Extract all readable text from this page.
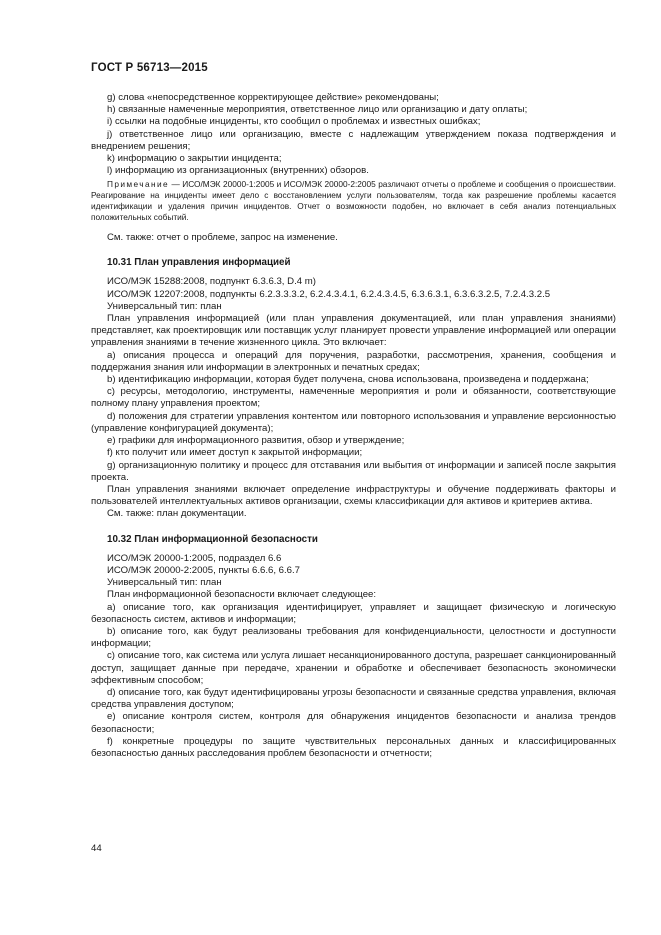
ГОСТ Р 56713—2015

g) слова «непосредственное корректирующее действие» рекомендованы;

h) связанные намеченные мероприятия, ответственное лицо или организацию и дату оплаты;

i) ссылки на подобные инциденты, кто сообщил о проблемах и известных ошибках;

j) ответственное лицо или организацию, вместе с надлежащим утверждением показа подтверждения и внедрением решения;

k) информацию о закрытии инцидента;

l) информацию из организационных (внутренних) обзоров.

Примечание — ИСО/МЭК 20000-1:2005 и ИСО/МЭК 20000-2:2005 различают отчеты о проблеме и сообщения о происшествии. Реагирование на инциденты имеет дело с восстановлением услуги пользователям, тогда как разрешение проблемы касается идентификации и удаления причин инцидентов. Отчет о возможности подобен, но включает в себя анализ потенциальных положительных событий.

См. также: отчет о проблеме, запрос на изменение.

10.31 План управления информацией

ИСО/МЭК 15288:2008, подпункт 6.3.6.3, D.4 m)

ИСО/МЭК 12207:2008, подпункты 6.2.3.3.3.2, 6.2.4.3.4.1, 6.2.4.3.4.5, 6.3.6.3.1, 6.3.6.3.2.5, 7.2.4.3.2.5

Универсальный тип: план

План управления информацией (или план управления документацией, или план управления знаниями) представляет, как проектировщик или поставщик услуг планирует провести управление информацией или операции управления знаниями в течение жизненного цикла. Это включает:

a) описания процесса и операций для поручения, разработки, рассмотрения, хранения, сообщения и поддержания знания или информации в электронных и печатных средах;

b) идентификацию информации, которая будет получена, снова использована, произведена и поддержана;

c) ресурсы, методологию, инструменты, намеченные мероприятия и роли и обязанности, соответствующие полному плану управления проектом;

d) положения для стратегии управления контентом или повторного использования и управление версионностью (управление конфигурацией документа);

e) графики для информационного развития, обзор и утверждение;

f) кто получит или имеет доступ к закрытой информации;

g) организационную политику и процесс для отставания или выбытия от информации и записей после закрытия проекта.

План управления знаниями включает определение инфраструктуры и обучение поддерживать факторы и пользователей интеллектуальных активов организации, схемы классификации для активов и критериев актива.

См. также: план документации.

10.32 План информационной безопасности

ИСО/МЭК 20000-1:2005, подраздел 6.6

ИСО/МЭК 20000-2:2005, пункты 6.6.6, 6.6.7

Универсальный тип: план

План информационной безопасности включает следующее:

a) описание того, как организация идентифицирует, управляет и защищает физическую и логическую безопасность систем, активов и информации;

b) описание того, как будут реализованы требования для конфиденциальности, целостности и доступности информации;

c) описание того, как система или услуга лишает несанкционированного доступа, разрешает санкционированный доступ, защищает данные при передаче, хранении и обработке и обеспечивает безопасность экономически эффективным способом;

d) описание того, как будут идентифицированы угрозы безопасности и связанные средства управления, включая средства управления доступом;

e) описание контроля систем, контроля для обнаружения инцидентов безопасности и анализа трендов безопасности;

f) конкретные процедуры по защите чувствительных персональных данных и классифицированных безопасностью данных расследования проблем безопасности и отчетности;

44
